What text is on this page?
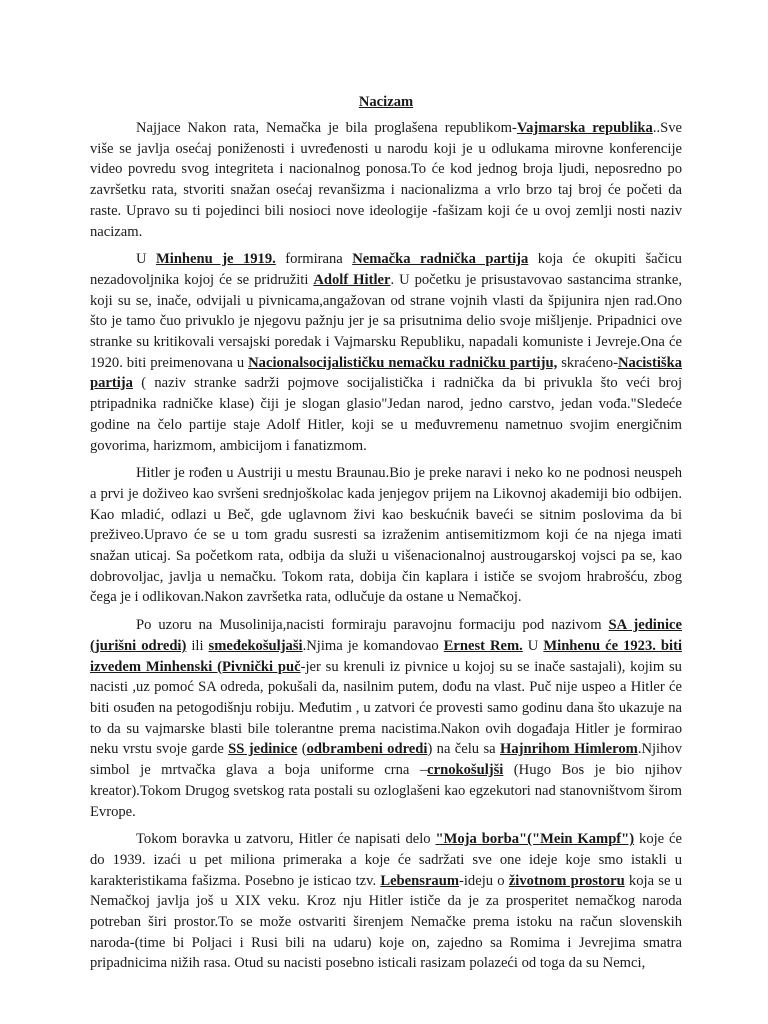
Nacizam

Najjace Nakon rata, Nemačka je bila proglašena republikom-Vajmarska republika..Sve više se javlja osećaj poniženosti i uvređenosti u narodu koji je u odlukama mirovne konferencije video povredu svog integriteta i nacionalnog ponosa.To će kod jednog broja ljudi, neposredno po završetku rata, stvoriti snažan osećaj revanšizma i nacionalizma a vrlo brzo taj broj će početi da raste. Upravo su ti pojedinci bili nosioci nove ideologije -fašizam koji će u ovoj zemlji nosti naziv nacizam.

U Minhenu je 1919. formirana Nemačka radnička partija koja će okupiti šačicu nezadovoljnika kojoj će se pridružiti Adolf Hitler. U početku je prisustavovao sastancima stranke, koji su se, inače, odvijali u pivnicama,angažovan od strane vojnih vlasti da špijunira njen rad.Ono što je tamo čuo privuklo je njegovu pažnju jer je sa prisutnima delio svoje mišljenje. Pripadnici ove stranke su kritikovali versajski poredak i Vajmarsku Republiku, napadali komuniste i Jevreje.Ona će 1920. biti preimenovana u Nacionalsocijalističku nemačku radničku partiju, skraćeno-Nacistiška partija ( naziv stranke sadrži pojmove socijalistička i radnička da bi privukla što veći broj ptripadnika radničke klase) čiji je slogan glasio"Jedan narod, jedno carstvo, jedan vođa."Sledeće godine na čelo partije staje Adolf Hitler, koji se u međuvremenu nametnuo svojim energičnim govorima, harizmom, ambicijom i fanatizmom.

Hitler je rođen u Austriji u mestu Braunau.Bio je preke naravi i neko ko ne podnosi neuspeh a prvi je doživeo kao svršeni srednjoškolac kada jenjegov prijem na Likovnoj akademiji bio odbijen. Kao mladić, odlazi u Beč, gde uglavnom živi kao beskućnik baveći se sitnim poslovima da bi preživeo.Upravo će se u tom gradu susresti sa izraženim antisemitizmom koji će na njega imati snažan uticaj. Sa početkom rata, odbija da služi u višenacionalnoj austrougarskoj vojsci pa se, kao dobrovoljac, javlja u nemačku. Tokom rata, dobija čin kaplara i ističe se svojom hrabrošću, zbog čega je i odlikovan.Nakon završetka rata, odlučuje da ostane u Nemačkoj.

Po uzoru na Musolinija,nacisti formiraju paravojnu formaciju pod nazivom SA jedinice (jurišni odredi) ili smeđekošuljaši.Njima je komandovao Ernest Rem. U Minhenu će 1923. biti izvedem Minhenski (Pivnički puč-jer su krenuli iz pivnice u kojoj su se inače sastajali), kojim su nacisti ,uz pomoć SA odreda, pokušali da, nasilnim putem, dođu na vlast. Puč nije uspeo a Hitler će biti osuđen na petogodišnju robiju. Međutim , u zatvori će provesti samo godinu dana što ukazuje na to da su vajmarske blasti bile tolerantne prema nacistima.Nakon ovih događaja Hitler je formirao neku vrstu svoje garde SS jedinice (odbrambeni odredi) na čelu sa Hajnrihom Himlerom.Njihov simbol je mrtvačka glava a boja uniforme crna –crnokošulјši (Hugo Bos je bio njihov kreator).Tokom Drugog svetskog rata postali su ozloglašeni kao egzekutori nad stanovništvom širom Evrope.

Tokom boravka u zatvoru, Hitler će napisati delo "Moja borba"("Mein Kampf") koje će do 1939. izaći u pet miliona primeraka a koje će sadržati sve one ideje koje smo istakli u karakteristikama fašizma. Posebno je isticao tzv. Lebensraum-ideju o životnom prostoru koja se u Nemačkoj javlja još u XIX veku. Kroz nju Hitler ističe da je za prosperitet nemačkog naroda potreban širi prostor.To se može ostvariti širenjem Nemačke prema istoku na račun slovenskih naroda-(time bi Poljaci i Rusi bili na udaru) koje on, zajedno sa Romima i Jevrejima smatra pripadnicima nižih rasa. Otud su nacisti posebno isticali rasizam polazeći od toga da su Nemci,
